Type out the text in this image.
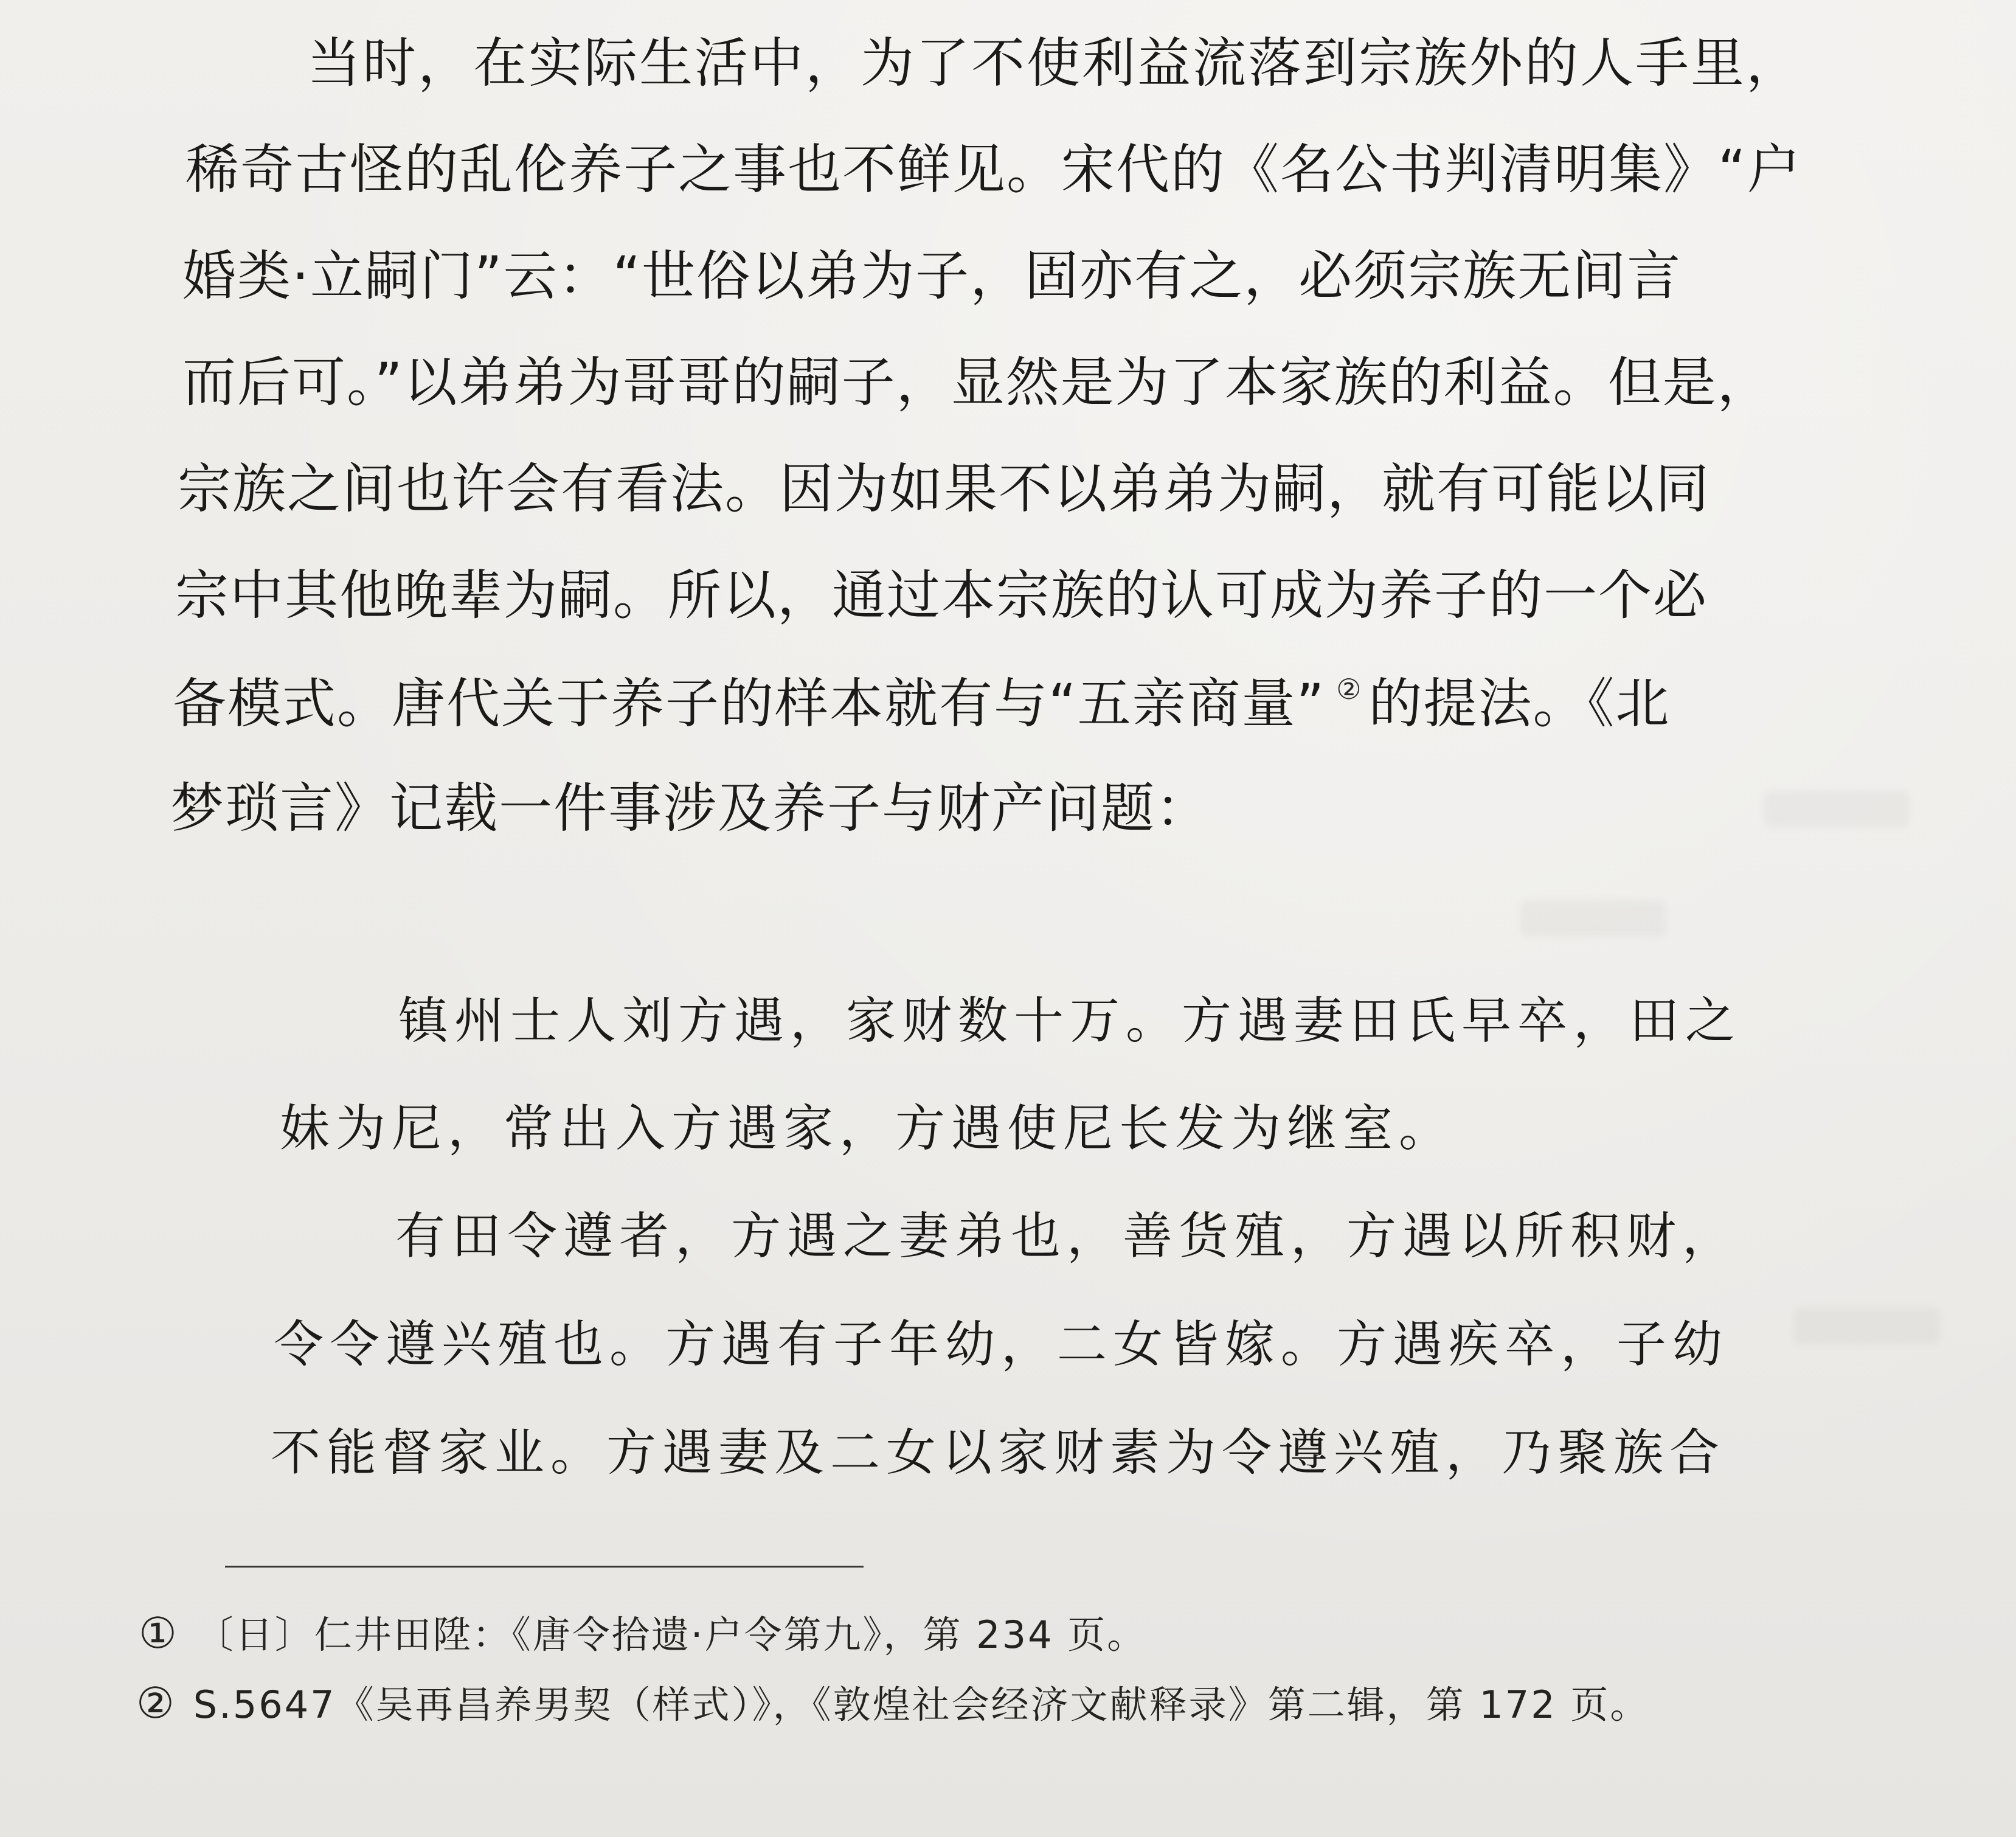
当时，在实际生活中，为了不使利益流落到宗族外的人手里，
稀奇古怪的乱伦养子之事也不鲜见。宋代的《名公书判清明集》“户
婚类·立嗣门”云：“世俗以弟为子，固亦有之，必须宗族无间言
而后可。”以弟弟为哥哥的嗣子，显然是为了本家族的利益。但是，
宗族之间也许会有看法。因为如果不以弟弟为嗣，就有可能以同
宗中其他晚辈为嗣。所以，通过本宗族的认可成为养子的一个必
备模式。唐代关于养子的样本就有与“五亲商量” ② 的提法。《北
梦琐言》记载一件事涉及养子与财产问题：
镇州士人刘方遇，家财数十万。方遇妻田氏早卒，田之
妹为尼，常出入方遇家，方遇使尼长发为继室。
有田令遵者，方遇之妻弟也，善货殖，方遇以所积财，
令令遵兴殖也。方遇有子年幼，二女皆嫁。方遇疾卒，子幼
不能督家业。方遇妻及二女以家财素为令遵兴殖，乃聚族合
① 〔日〕仁井田陞：《唐令拾遗·户令第九》，第 234 页。
② S.5647《吴再昌养男契（样式）》，《敦煌社会经济文献释录》第二辑，第 172 页。
